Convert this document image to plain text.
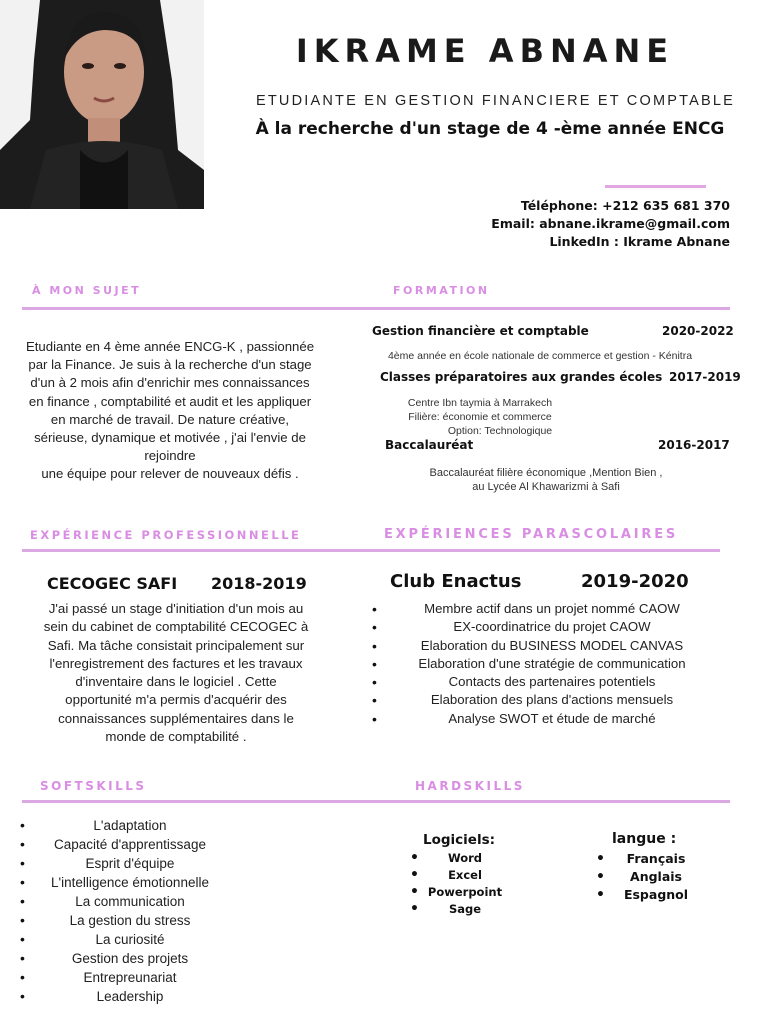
IKRAME ABNANE
ETUDIANTE EN GESTION FINANCIERE ET COMPTABLE
À la recherche d'un stage de 4 -ème année ENCG
Téléphone: +212 635 681 370
Email: abnane.ikrame@gmail.com
LinkedIn : Ikrame Abnane
À MON SUJET	FORMATION
Etudiante en 4 ème année ENCG-K , passionnée
par la Finance. Je suis à la recherche d'un stage
d'un à 2 mois afin d'enrichir mes connaissances
en finance , comptabilité et audit et les appliquer
en marché de travail. De nature créative,
sérieuse, dynamique et motivée , j'ai l'envie de
rejoindre
une équipe pour relever de nouveaux défis .
Gestion financière et comptable	2020-2022
4ème année en école nationale de commerce et gestion - Kénitra
Classes préparatoires aux grandes écoles 2017-2019
Centre Ibn taymia à Marrakech
Filière: économie et commerce
Option: Technologique
Baccalauréat	2016-2017
Baccalauréat filière économique ,Mention Bien ,
au Lycée Al Khawarizmi à Safi
EXPÉRIENCE PROFESSIONNELLE	EXPÉRIENCES PARASCOLAIRES
CECOGEC SAFI 2018-2019
J'ai passé un stage d'initiation d'un mois au
sein du cabinet de comptabilité CECOGEC à
Safi. Ma tâche consistait principalement sur
l'enregistrement des factures et les travaux
d'inventaire dans le logiciel . Cette
opportunité m'a permis d'acquérir des
connaissances supplémentaires dans le
monde de comptabilité .
Club Enactus	2019-2020
• Membre actif dans un projet nommé CAOW
• EX-coordinatrice du projet CAOW
• Elaboration du BUSINESS MODEL CANVAS
• Elaboration d'une stratégie de communication
• Contacts des partenaires potentiels
• Elaboration des plans d'actions mensuels
• Analyse SWOT et étude de marché
SOFTSKILLS	HARDSKILLS
• L'adaptation
• Capacité d'apprentissage
• Esprit d'équipe
• L'intelligence émotionnelle
• La communication
• La gestion du stress
• La curiosité
• Gestion des projets
• Entrepreunariat
• Leadership
Logiciels:
• Word
• Excel
• Powerpoint
• Sage
langue :
• Français
• Anglais
• Espagnol
